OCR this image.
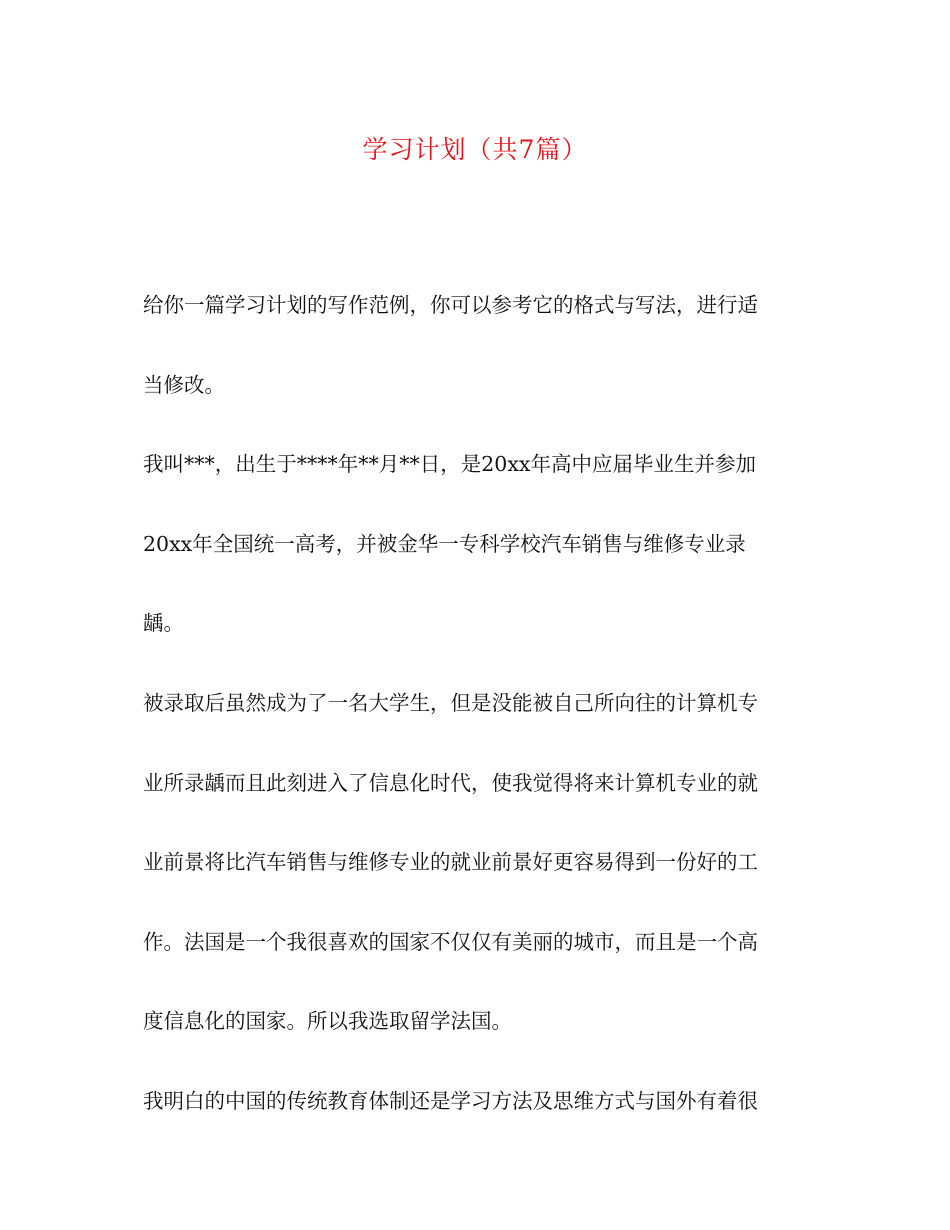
学习计划（共7篇）
给你一篇学习计划的写作范例，你可以参考它的格式与写法，进行适
当修改。
我叫***，出生于****年**月**日，是20xx年高中应届毕业生并参加
20xx年全国统一高考，并被金华一专科学校汽车销售与维修专业录
龋。
被录取后虽然成为了一名大学生，但是没能被自己所向往的计算机专
业所录龋而且此刻进入了信息化时代，使我觉得将来计算机专业的就
业前景将比汽车销售与维修专业的就业前景好更容易得到一份好的工
作。法国是一个我很喜欢的国家不仅仅有美丽的城市，而且是一个高
度信息化的国家。所以我选取留学法国。
我明白的中国的传统教育体制还是学习方法及思维方式与国外有着很
